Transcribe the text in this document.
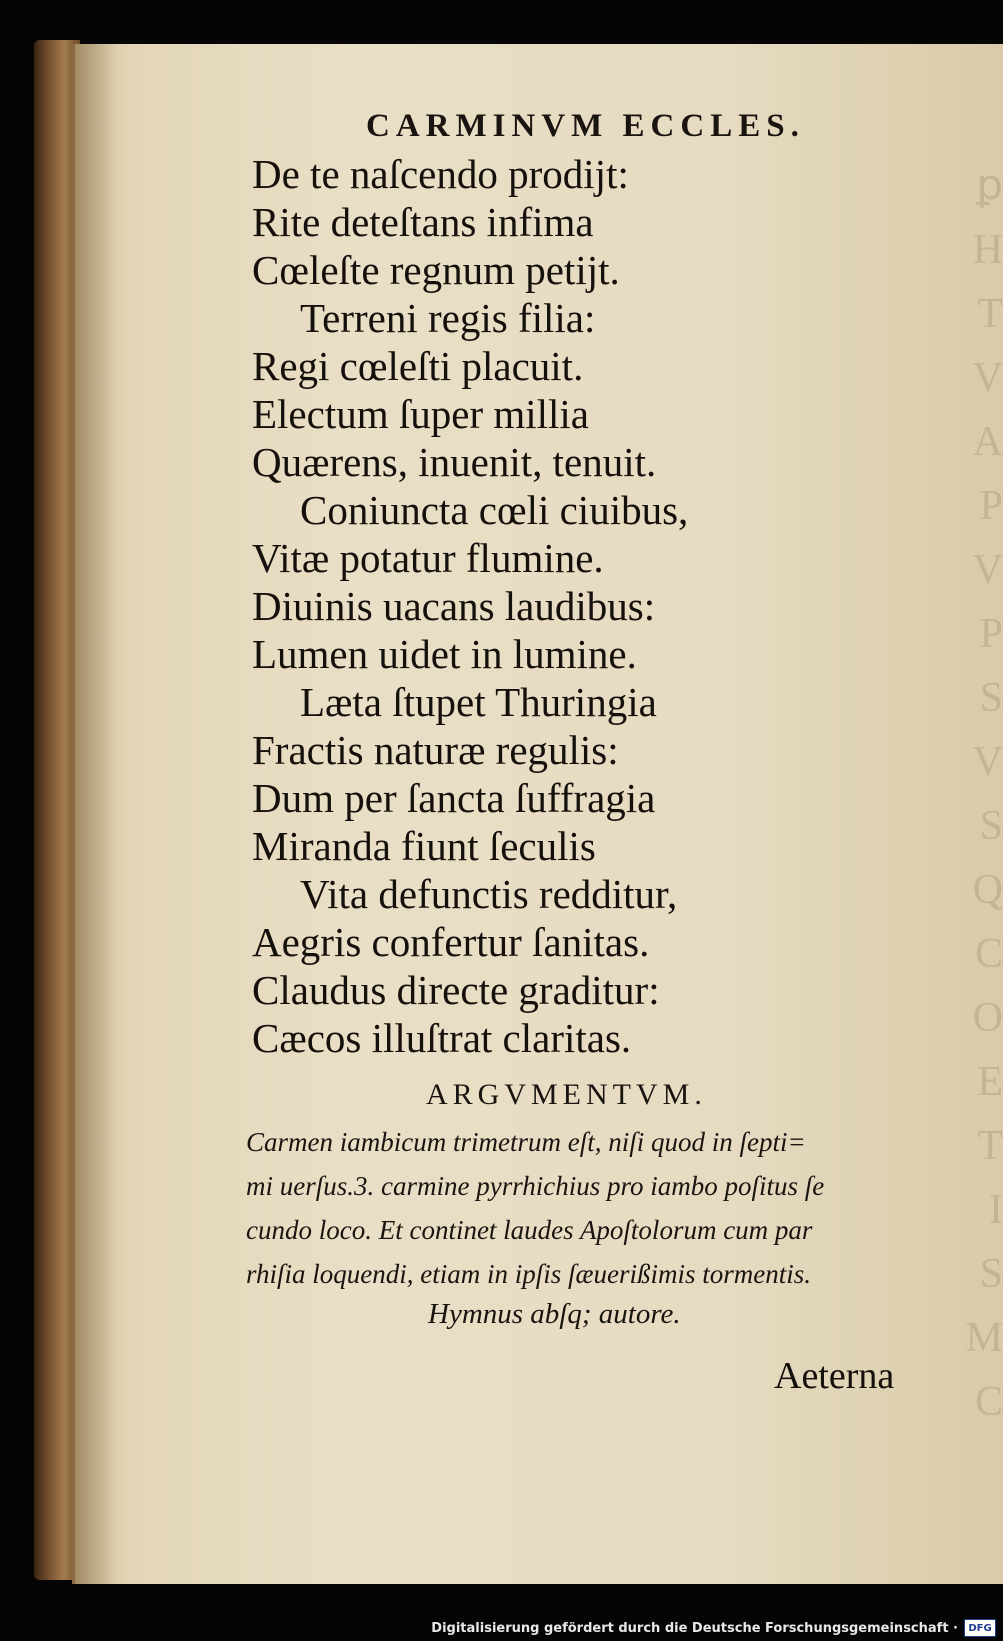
ꝑ
H
T
V
A
P
V
P
S
V
S
Q
C
O
E
T
I
S
M
C
CARMINVM ECCLES.
De te naſcendo prodijt:
Rite deteſtans infima
Cœleſte regnum petijt.
Terreni regis filia:
Regi cœleſti placuit.
Electum ſuper millia
Quærens, inuenit, tenuit.
Coniuncta cœli ciuibus,
Vitæ potatur flumine.
Diuinis uacans laudibus:
Lumen uidet in lumine.
Læta ſtupet Thuringia
Fractis naturæ regulis:
Dum per ſancta ſuffragia
Miranda fiunt ſeculis
Vita defunctis redditur,
Aegris confertur ſanitas.
Claudus directe graditur:
Cæcos illuſtrat claritas.
ARGVMENTVM.
Carmen iambicum trimetrum eſt, niſi quod in ſepti=
mi uerſus.3. carmine pyrrhichius pro iambo poſitus ſe
cundo loco. Et continet laudes Apoſtolorum cum par
rhiſia loquendi, etiam in ipſis ſæuerißimis tormentis.
Hymnus abſq; autore.
Aeterna
Digitalisierung gefördert durch die Deutsche Forschungsgemeinschaft ·	DFG
